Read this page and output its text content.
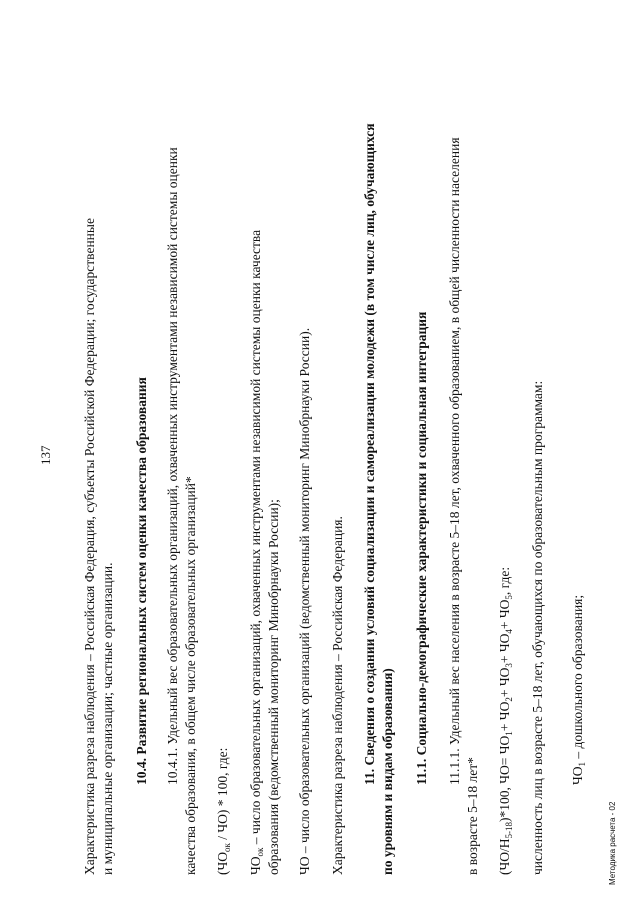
137 Характеристика разреза наблюдения – Российская Федерация, субъекты Российской Федерации; государственные и муниципальные организации; частные организации. 10.4. Развитие региональных систем оценки качества образования 10.4.1. Удельный вес образовательных организаций, охваченных инструментами независимой системы оценки качества образования, в общем числе образовательных организаций* $(ЧО_{ок} / ЧО) * 100$, где:
$ЧО_{ок}$ – число образовательных организаций, охваченных инструментами независимой системы оценки качества образования (ведомственный мониторинг Минобрнауки России); ЧО – число образовательных организаций (ведомственный мониторинг Минобрнауки России). Характеристика разреза наблюдения – Российская Федерация. 11. Сведения о создании условий социализации и самореализации молодежи (в том числе лиц, обучающихся по уровням и видам образования) 11.1. Социально-демографические характеристики и социальная интеграция 11.1.1. Удельный вес населения в возрасте 5–18 лет, охваченного образованием, в общей численности населения
в возрасте 5–18 лет* $(ЧО/Н_{5-18})*100$, $ЧО= ЧО_1+ ЧО_2+ ЧО_3+ ЧО_4+ ЧО_5$, где: численность лиц в возрасте 5–18 лет, обучающихся по образовательным программам: $ЧО_1$ – дошкольного образования;
Методика расчета - 02
